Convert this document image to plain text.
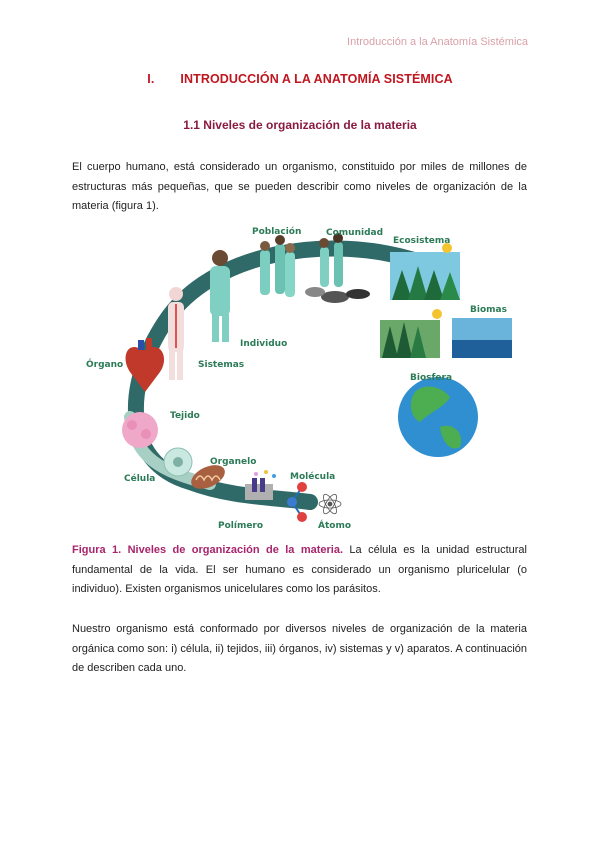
Introducción a la Anatomía Sistémica
I. INTRODUCCIÓN A LA ANATOMÍA SISTÉMICA
1.1 Niveles de organización de la materia

El cuerpo humano, está considerado un organismo, constituido por miles de millones de estructuras más pequeñas, que se pueden describir como niveles de organización de la materia (figura 1).

Población	Comunidad
Ecosistema
Biomas
Biosfera
Individuo
Sistemas
Órgano
Tejido
Organelo
Célula	Molécula
Polímero	Átomo

Figura 1. Niveles de organización de la materia. La célula es la unidad estructural fundamental de la vida. El ser humano es considerado un organismo pluricelular (o individuo). Existen organismos unicelulares como los parásitos.

Nuestro organismo está conformado por diversos niveles de organización de la materia orgánica como son: i) célula, ii) tejidos, iii) órganos, iv) sistemas y v) aparatos. A continuación de describen cada uno.
